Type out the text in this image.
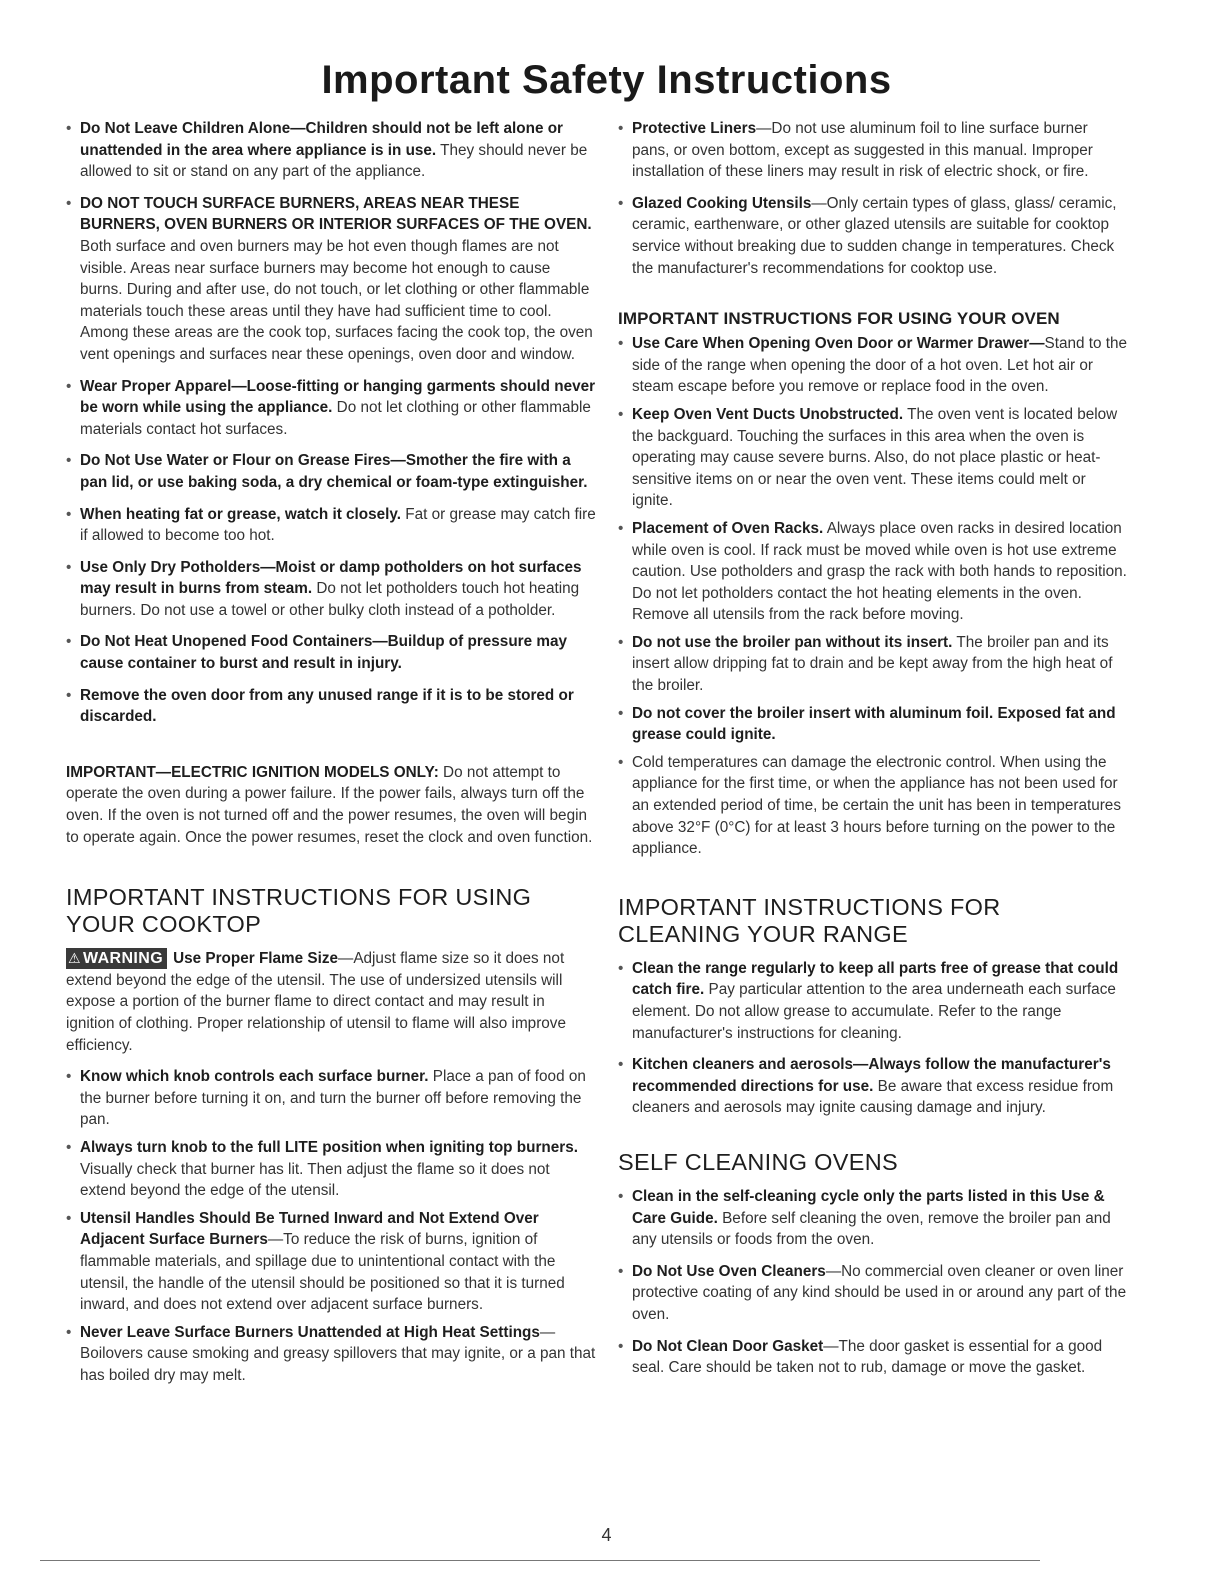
Important Safety Instructions
• Do Not Leave Children Alone—Children should not be left alone or unattended in the area where appliance is in use. They should never be allowed to sit or stand on any part of the appliance.
• DO NOT TOUCH SURFACE BURNERS, AREAS NEAR THESE BURNERS, OVEN BURNERS OR INTERIOR SURFACES OF THE OVEN. Both surface and oven burners may be hot even though flames are not visible. Areas near surface burners may become hot enough to cause burns. During and after use, do not touch, or let clothing or other flammable materials touch these areas until they have had sufficient time to cool. Among these areas are the cook top, surfaces facing the cook top, the oven vent openings and surfaces near these openings, oven door and window.
• Wear Proper Apparel—Loose-fitting or hanging garments should never be worn while using the appliance. Do not let clothing or other flammable materials contact hot surfaces.
• Do Not Use Water or Flour on Grease Fires—Smother the fire with a pan lid, or use baking soda, a dry chemical or foam-type extinguisher.
• When heating fat or grease, watch it closely. Fat or grease may catch fire if allowed to become too hot.
• Use Only Dry Potholders—Moist or damp potholders on hot surfaces may result in burns from steam. Do not let potholders touch hot heating burners. Do not use a towel or other bulky cloth instead of a potholder.
• Do Not Heat Unopened Food Containers—Buildup of pressure may cause container to burst and result in injury.
• Remove the oven door from any unused range if it is to be stored or discarded.

IMPORTANT—ELECTRIC IGNITION MODELS ONLY: Do not attempt to operate the oven during a power failure. If the power fails, always turn off the oven. If the oven is not turned off and the power resumes, the oven will begin to operate again. Once the power resumes, reset the clock and oven function.

IMPORTANT INSTRUCTIONS FOR USING YOUR COOKTOP

⚠ WARNING Use Proper Flame Size—Adjust flame size so it does not extend beyond the edge of the utensil. The use of undersized utensils will expose a portion of the burner flame to direct contact and may result in ignition of clothing. Proper relationship of utensil to flame will also improve efficiency.

• Know which knob controls each surface burner. Place a pan of food on the burner before turning it on, and turn the burner off before removing the pan.
• Always turn knob to the full LITE position when igniting top burners. Visually check that burner has lit. Then adjust the flame so it does not extend beyond the edge of the utensil.
• Utensil Handles Should Be Turned Inward and Not Extend Over Adjacent Surface Burners—To reduce the risk of burns, ignition of flammable materials, and spillage due to unintentional contact with the utensil, the handle of the utensil should be positioned so that it is turned inward, and does not extend over adjacent surface burners.
• Never Leave Surface Burners Unattended at High Heat Settings—Boilovers cause smoking and greasy spillovers that may ignite, or a pan that has boiled dry may melt.
• Protective Liners—Do not use aluminum foil to line surface burner pans, or oven bottom, except as suggested in this manual. Improper installation of these liners may result in risk of electric shock, or fire.
• Glazed Cooking Utensils—Only certain types of glass, glass/ ceramic, ceramic, earthenware, or other glazed utensils are suitable for cooktop service without breaking due to sudden change in temperatures. Check the manufacturer's recommendations for cooktop use.
IMPORTANT INSTRUCTIONS FOR USING YOUR OVEN
• Use Care When Opening Oven Door or Warmer Drawer—Stand to the side of the range when opening the door of a hot oven. Let hot air or steam escape before you remove or replace food in the oven.
• Keep Oven Vent Ducts Unobstructed. The oven vent is located below the backguard. Touching the surfaces in this area when the oven is operating may cause severe burns. Also, do not place plastic or heat-sensitive items on or near the oven vent. These items could melt or ignite.
• Placement of Oven Racks. Always place oven racks in desired location while oven is cool. If rack must be moved while oven is hot use extreme caution. Use potholders and grasp the rack with both hands to reposition. Do not let potholders contact the hot heating elements in the oven. Remove all utensils from the rack before moving.
• Do not use the broiler pan without its insert. The broiler pan and its insert allow dripping fat to drain and be kept away from the high heat of the broiler.
• Do not cover the broiler insert with aluminum foil. Exposed fat and grease could ignite.
• Cold temperatures can damage the electronic control. When using the appliance for the first time, or when the appliance has not been used for an extended period of time, be certain the unit has been in temperatures above 32°F (0°C) for at least 3 hours before turning on the power to the appliance.
IMPORTANT INSTRUCTIONS FOR CLEANING YOUR RANGE
• Clean the range regularly to keep all parts free of grease that could catch fire. Pay particular attention to the area underneath each surface element. Do not allow grease to accumulate. Refer to the range manufacturer's instructions for cleaning.
• Kitchen cleaners and aerosols—Always follow the manufacturer's recommended directions for use. Be aware that excess residue from cleaners and aerosols may ignite causing damage and injury.
SELF CLEANING OVENS
• Clean in the self-cleaning cycle only the parts listed in this Use & Care Guide. Before self cleaning the oven, remove the broiler pan and any utensils or foods from the oven.
• Do Not Use Oven Cleaners—No commercial oven cleaner or oven liner protective coating of any kind should be used in or around any part of the oven.
• Do Not Clean Door Gasket—The door gasket is essential for a good seal. Care should be taken not to rub, damage or move the gasket.
4
